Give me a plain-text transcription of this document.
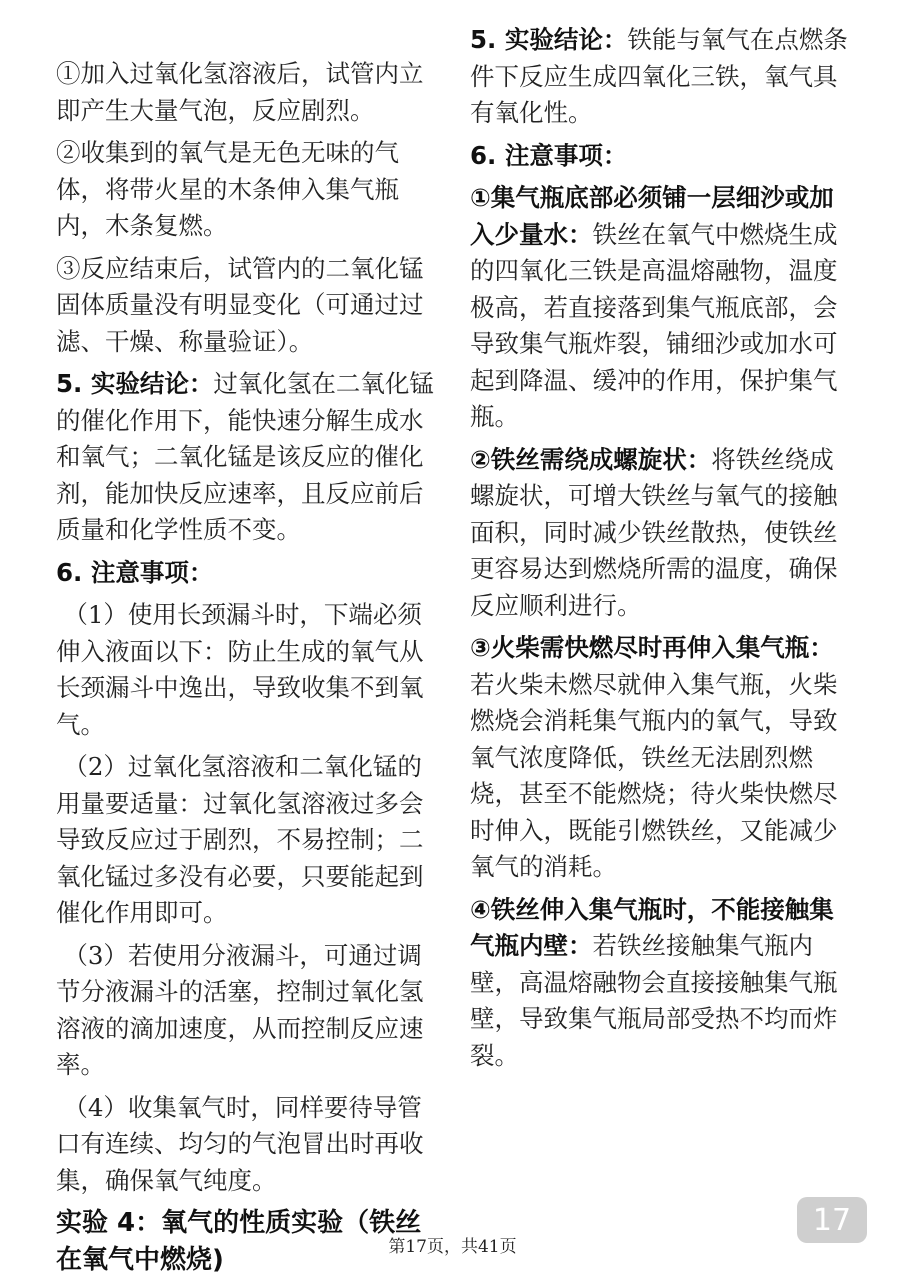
①加入过氧化氢溶液后，试管内立即产生大量气泡，反应剧烈。

②收集到的氧气是无色无味的气体，将带火星的木条伸入集气瓶内，木条复燃。

③反应结束后，试管内的二氧化锰固体质量没有明显变化（可通过过滤、干燥、称量验证）。

5. 实验结论：过氧化氢在二氧化锰的催化作用下，能快速分解生成水和氧气；二氧化锰是该反应的催化剂，能加快反应速率，且反应前后质量和化学性质不变。

6. 注意事项：

（1）使用长颈漏斗时，下端必须伸入液面以下：防止生成的氧气从长颈漏斗中逸出，导致收集不到氧气。

（2）过氧化氢溶液和二氧化锰的用量要适量：过氧化氢溶液过多会导致反应过于剧烈，不易控制；二氧化锰过多没有必要，只要能起到催化作用即可。

（3）若使用分液漏斗，可通过调节分液漏斗的活塞，控制过氧化氢溶液的滴加速度，从而控制反应速率。

（4）收集氧气时，同样要待导管口有连续、均匀的气泡冒出时再收集，确保氧气纯度。

实验 4：氧气的性质实验（铁丝在氧气中燃烧)

5. 实验结论：铁能与氧气在点燃条件下反应生成四氧化三铁，氧气具有氧化性。

6. 注意事项：

①集气瓶底部必须铺一层细沙或加入少量水：铁丝在氧气中燃烧生成的四氧化三铁是高温熔融物，温度极高，若直接落到集气瓶底部，会导致集气瓶炸裂，铺细沙或加水可起到降温、缓冲的作用，保护集气瓶。

②铁丝需绕成螺旋状：将铁丝绕成螺旋状，可增大铁丝与氧气的接触面积，同时减少铁丝散热，使铁丝更容易达到燃烧所需的温度，确保反应顺利进行。

③火柴需快燃尽时再伸入集气瓶：若火柴未燃尽就伸入集气瓶，火柴燃烧会消耗集气瓶内的氧气，导致氧气浓度降低，铁丝无法剧烈燃烧，甚至不能燃烧；待火柴快燃尽时伸入，既能引燃铁丝，又能减少氧气的消耗。

④铁丝伸入集气瓶时，不能接触集气瓶内壁：若铁丝接触集气瓶内壁，高温熔融物会直接接触集气瓶壁，导致集气瓶局部受热不均而炸裂。

17
第17页，共41页
